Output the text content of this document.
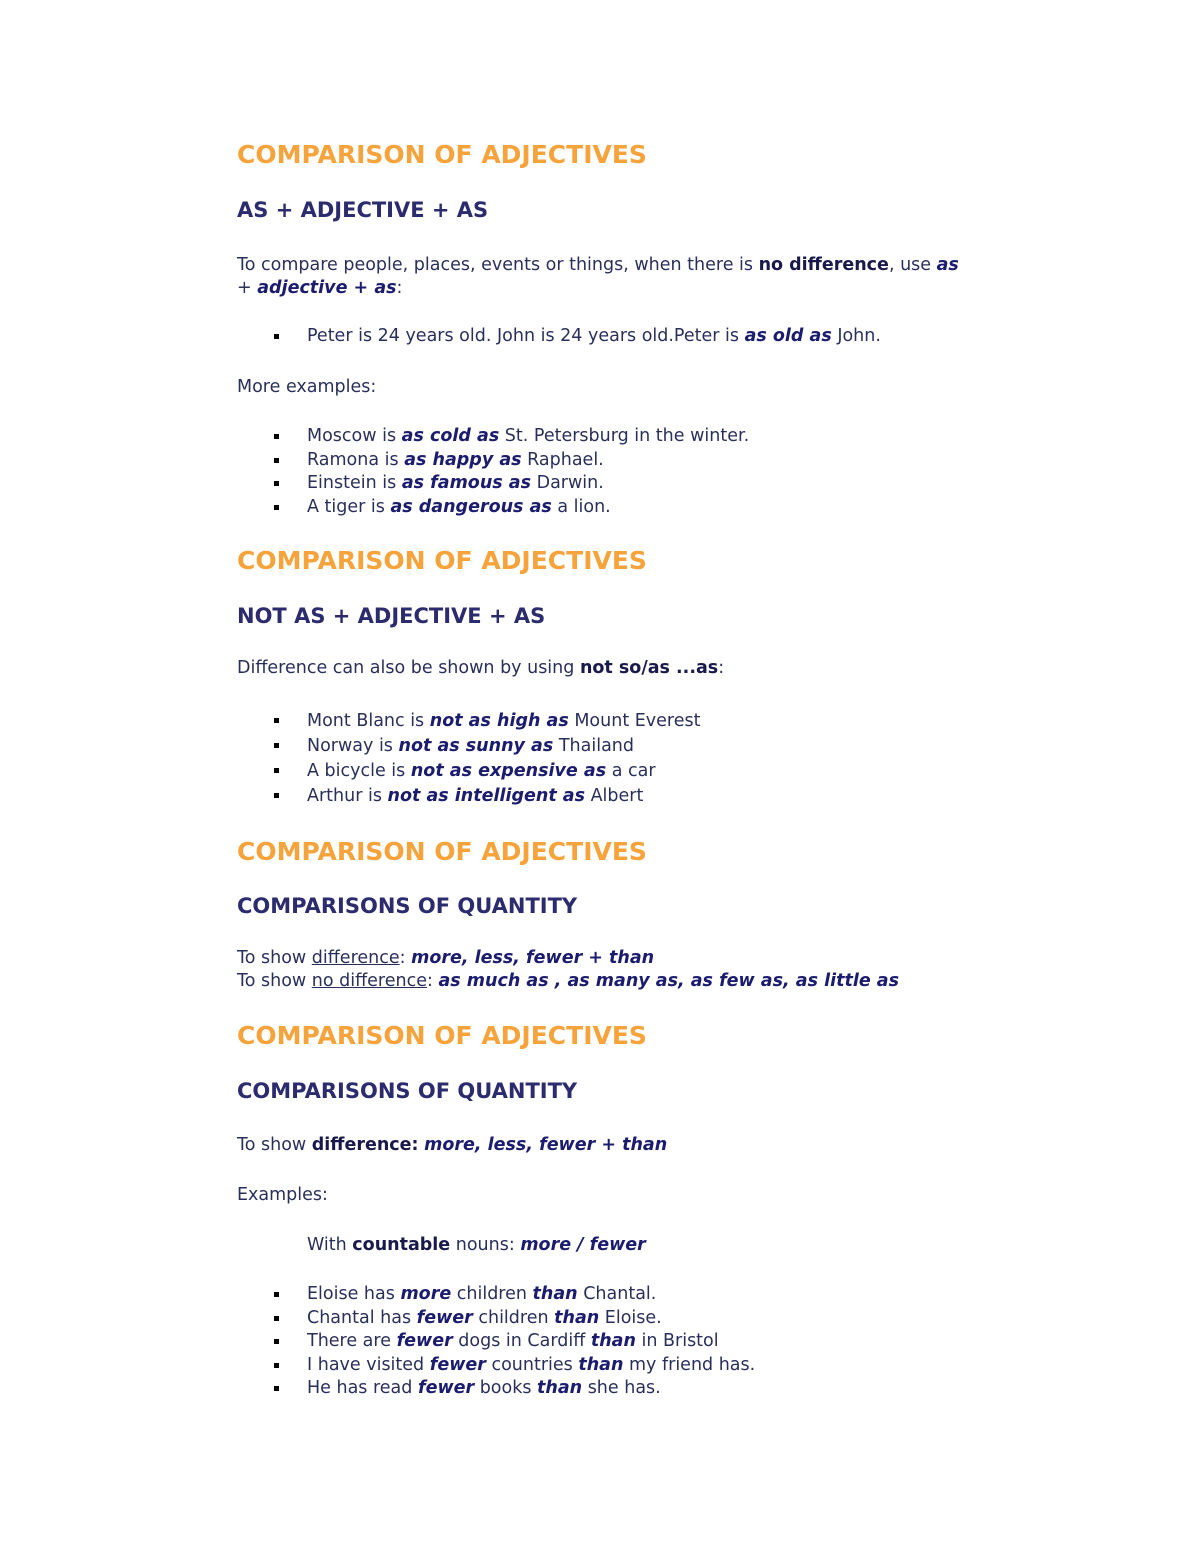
COMPARISON OF ADJECTIVES
AS + ADJECTIVE + AS
To compare people, places, events or things, when there is no difference, use as
+ adjective + as:
Peter is 24 years old. John is 24 years old.Peter is as old as John.
More examples:
Moscow is as cold as St. Petersburg in the winter.
Ramona is as happy as Raphael.
Einstein is as famous as Darwin.
A tiger is as dangerous as a lion.
COMPARISON OF ADJECTIVES
NOT AS + ADJECTIVE + AS
Difference can also be shown by using not so/as ...as:
Mont Blanc is not as high as Mount Everest
Norway is not as sunny as Thailand
A bicycle is not as expensive as a car
Arthur is not as intelligent as Albert
COMPARISON OF ADJECTIVES
COMPARISONS OF QUANTITY
To show difference: more, less, fewer + than
To show no difference: as much as , as many as, as few as, as little as
COMPARISON OF ADJECTIVES
COMPARISONS OF QUANTITY
To show difference: more, less, fewer + than
Examples:
With countable nouns: more / fewer
Eloise has more children than Chantal.
Chantal has fewer children than Eloise.
There are fewer dogs in Cardiff than in Bristol
I have visited fewer countries than my friend has.
He has read fewer books than she has.
